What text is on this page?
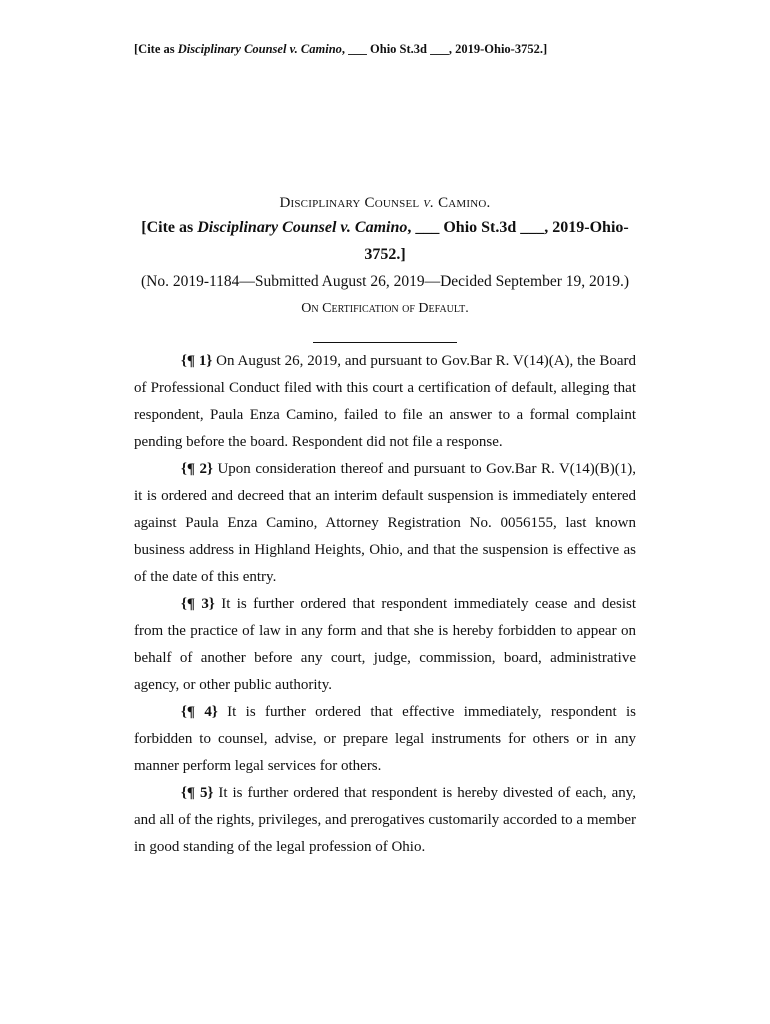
[Cite as Disciplinary Counsel v. Camino, ___ Ohio St.3d ___, 2019-Ohio-3752.]
Disciplinary Counsel v. Camino.
[Cite as Disciplinary Counsel v. Camino, ___ Ohio St.3d ___, 2019-Ohio-
3752.]
(No. 2019-1184—Submitted August 26, 2019—Decided September 19, 2019.)
On Certification of Default.

{¶ 1} On August 26, 2019, and pursuant to Gov.Bar R. V(14)(A), the Board of Professional Conduct filed with this court a certification of default, alleging that respondent, Paula Enza Camino, failed to file an answer to a formal complaint pending before the board. Respondent did not file a response.

{¶ 2} Upon consideration thereof and pursuant to Gov.Bar R. V(14)(B)(1), it is ordered and decreed that an interim default suspension is immediately entered against Paula Enza Camino, Attorney Registration No. 0056155, last known business address in Highland Heights, Ohio, and that the suspension is effective as of the date of this entry.

{¶ 3} It is further ordered that respondent immediately cease and desist from the practice of law in any form and that she is hereby forbidden to appear on behalf of another before any court, judge, commission, board, administrative agency, or other public authority.

{¶ 4} It is further ordered that effective immediately, respondent is forbidden to counsel, advise, or prepare legal instruments for others or in any manner perform legal services for others.

{¶ 5} It is further ordered that respondent is hereby divested of each, any, and all of the rights, privileges, and prerogatives customarily accorded to a member in good standing of the legal profession of Ohio.
